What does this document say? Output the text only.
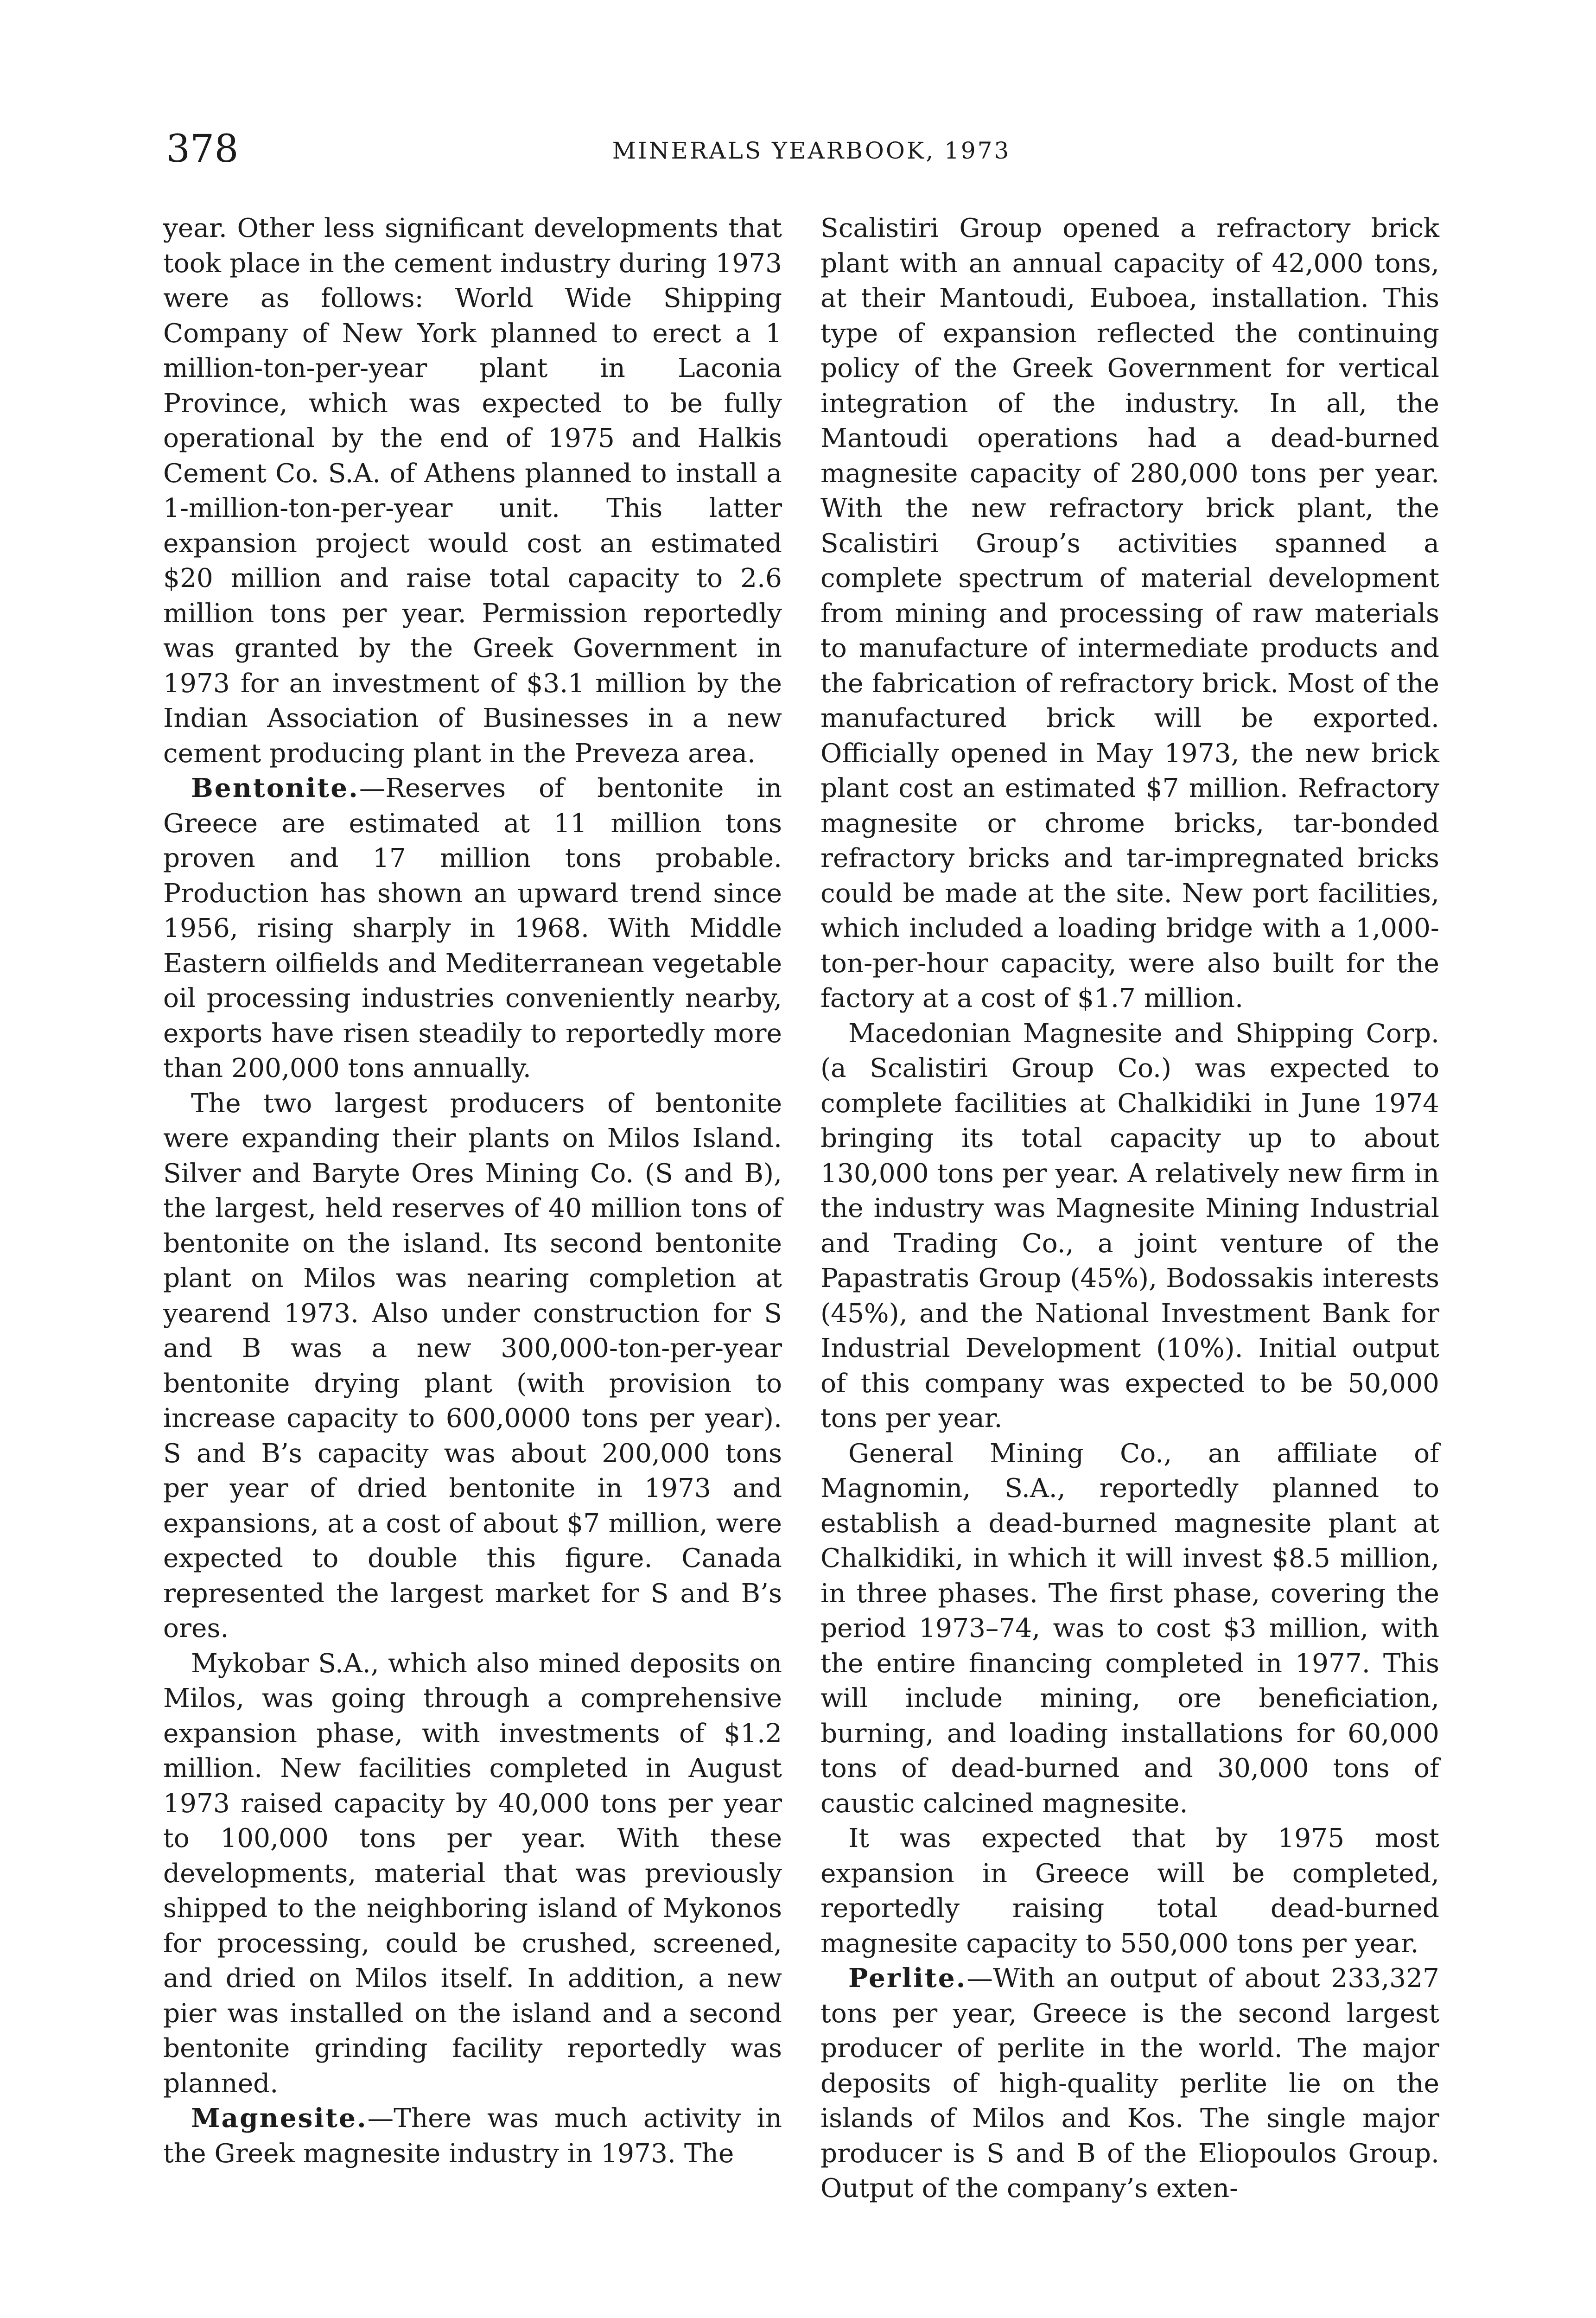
378	MINERALS YEARBOOK, 1973

year. Other less significant developments that took place in the cement industry during 1973 were as follows: World Wide Shipping Company of New York planned to erect a 1 million-ton-per-year plant in Laconia Province, which was expected to be fully operational by the end of 1975 and Halkis Cement Co. S.A. of Athens planned to install a 1-million-ton-per-year unit. This latter expansion project would cost an estimated $20 million and raise total capacity to 2.6 million tons per year. Permission reportedly was granted by the Greek Government in 1973 for an investment of $3.1 million by the Indian Association of Businesses in a new cement producing plant in the Preveza area.

Bentonite.—Reserves of bentonite in Greece are estimated at 11 million tons proven and 17 million tons probable. Production has shown an upward trend since 1956, rising sharply in 1968. With Middle Eastern oilfields and Mediterranean vegetable oil processing industries conveniently nearby, exports have risen steadily to reportedly more than 200,000 tons annually.

The two largest producers of bentonite were expanding their plants on Milos Island. Silver and Baryte Ores Mining Co. (S and B), the largest, held reserves of 40 million tons of bentonite on the island. Its second bentonite plant on Milos was nearing completion at yearend 1973. Also under construction for S and B was a new 300,000-ton-per-year bentonite drying plant (with provision to increase capacity to 600,0000 tons per year). S and B’s capacity was about 200,000 tons per year of dried bentonite in 1973 and expansions, at a cost of about $7 million, were expected to double this figure. Canada represented the largest market for S and B’s ores.

Mykobar S.A., which also mined deposits on Milos, was going through a comprehensive expansion phase, with investments of $1.2 million. New facilities completed in August 1973 raised capacity by 40,000 tons per year to 100,000 tons per year. With these developments, material that was previously shipped to the neighboring island of Mykonos for processing, could be crushed, screened, and dried on Milos itself. In addition, a new pier was installed on the island and a second bentonite grinding facility reportedly was planned.

Magnesite.—There was much activity in the Greek magnesite industry in 1973. The

Scalistiri Group opened a refractory brick plant with an annual capacity of 42,000 tons, at their Mantoudi, Euboea, installation. This type of expansion reflected the continuing policy of the Greek Government for vertical integration of the industry. In all, the Mantoudi operations had a dead-burned magnesite capacity of 280,000 tons per year. With the new refractory brick plant, the Scalistiri Group’s activities spanned a complete spectrum of material development from mining and processing of raw materials to manufacture of intermediate products and the fabrication of refractory brick. Most of the manufactured brick will be exported. Officially opened in May 1973, the new brick plant cost an estimated $7 million. Refractory magnesite or chrome bricks, tar-bonded refractory bricks and tar-impregnated bricks could be made at the site. New port facilities, which included a loading bridge with a 1,000-ton-per-hour capacity, were also built for the factory at a cost of $1.7 million.

Macedonian Magnesite and Shipping Corp. (a Scalistiri Group Co.) was expected to complete facilities at Chalkidiki in June 1974 bringing its total capacity up to about 130,000 tons per year. A relatively new firm in the industry was Magnesite Mining Industrial and Trading Co., a joint venture of the Papastratis Group (45%), Bodossakis interests (45%), and the National Investment Bank for Industrial Development (10%). Initial output of this company was expected to be 50,000 tons per year.

General Mining Co., an affiliate of Magnomin, S.A., reportedly planned to establish a dead-burned magnesite plant at Chalkidiki, in which it will invest $8.5 million, in three phases. The first phase, covering the period 1973–74, was to cost $3 million, with the entire financing completed in 1977. This will include mining, ore beneficiation, burning, and loading installations for 60,000 tons of dead-burned and 30,000 tons of caustic calcined magnesite.

It was expected that by 1975 most expansion in Greece will be completed, reportedly raising total dead-burned magnesite capacity to 550,000 tons per year.

Perlite.—With an output of about 233,327 tons per year, Greece is the second largest producer of perlite in the world. The major deposits of high-quality perlite lie on the islands of Milos and Kos. The single major producer is S and B of the Eliopoulos Group. Output of the company’s exten-
